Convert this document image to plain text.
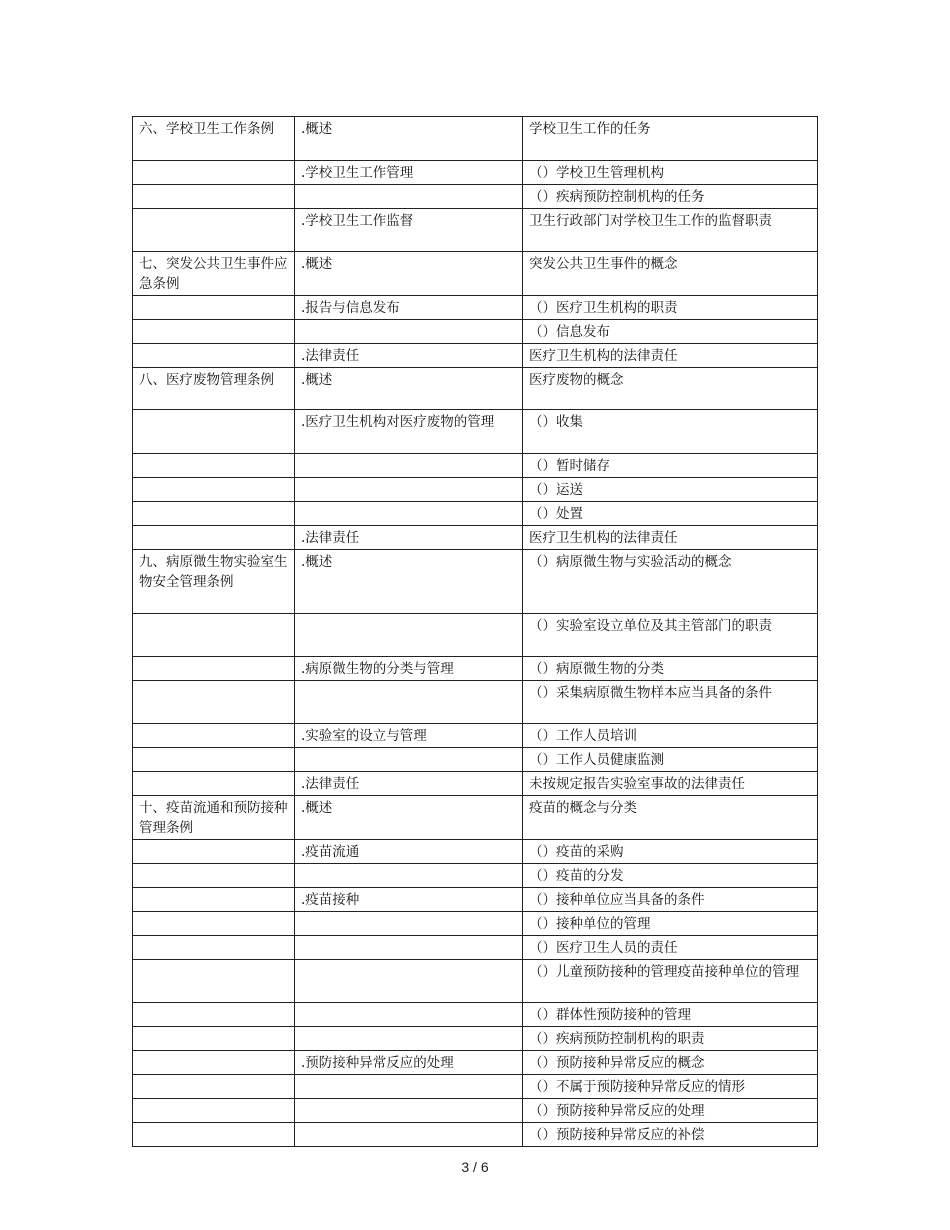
六、学校卫生工作条例	.概述	学校卫生工作的任务
	.学校卫生工作管理	（）学校卫生管理机构
		（）疾病预防控制机构的任务
	.学校卫生工作监督	卫生行政部门对学校卫生工作的监督职责
七、突发公共卫生事件应急条例	.概述	突发公共卫生事件的概念
	.报告与信息发布	（）医疗卫生机构的职责
		（）信息发布
	.法律责任	医疗卫生机构的法律责任
八、医疗废物管理条例	.概述	医疗废物的概念
	.医疗卫生机构对医疗废物的管理	（）收集
		（）暂时储存
		（）运送
		（）处置
	.法律责任	医疗卫生机构的法律责任
九、病原微生物实验室生物安全管理条例	.概述	（）病原微生物与实验活动的概念
		（）实验室设立单位及其主管部门的职责
	.病原微生物的分类与管理	（）病原微生物的分类
		（）采集病原微生物样本应当具备的条件
	.实验室的设立与管理	（）工作人员培训
		（）工作人员健康监测
	.法律责任	未按规定报告实验室事故的法律责任
十、疫苗流通和预防接种管理条例	.概述	疫苗的概念与分类
	.疫苗流通	（）疫苗的采购
		（）疫苗的分发
	.疫苗接种	（）接种单位应当具备的条件
		（）接种单位的管理
		（）医疗卫生人员的责任
		（）儿童预防接种的管理疫苗接种单位的管理
		（）群体性预防接种的管理
		（）疾病预防控制机构的职责
	.预防接种异常反应的处理	（）预防接种异常反应的概念
		（）不属于预防接种异常反应的情形
		（）预防接种异常反应的处理
		（）预防接种异常反应的补偿
3 / 6
